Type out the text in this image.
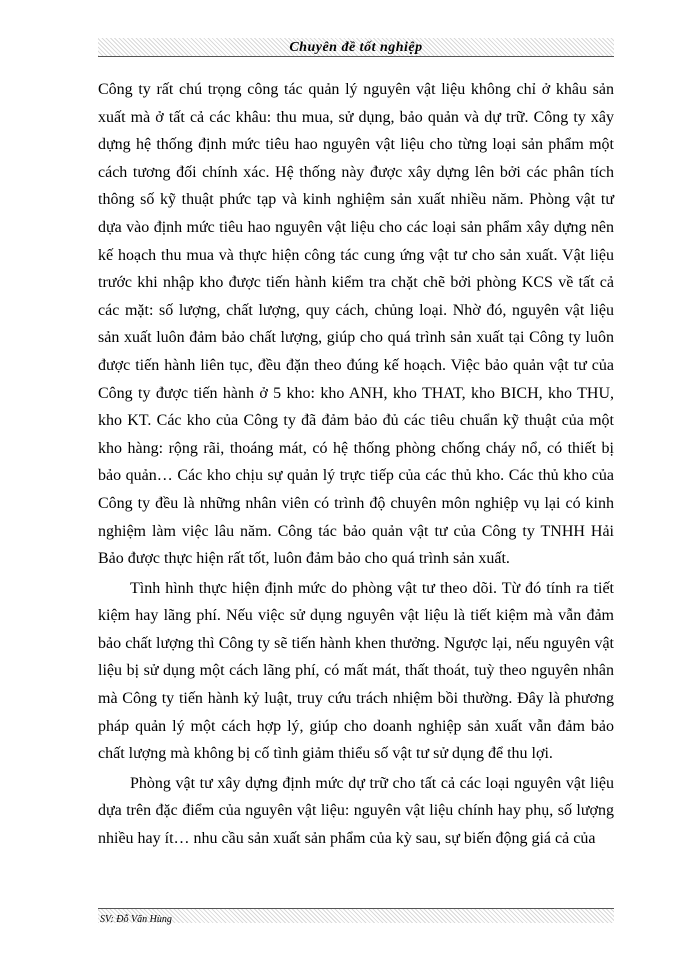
Chuyên đề tốt nghiệp

Công ty rất chú trọng công tác quản lý nguyên vật liệu không chỉ ở khâu sản xuất mà ở tất cả các khâu: thu mua, sử dụng, bảo quản và dự trữ. Công ty xây dựng hệ thống định mức tiêu hao nguyên vật liệu cho từng loại sản phẩm một cách tương đối chính xác. Hệ thống này được xây dựng lên bởi các phân tích thông số kỹ thuật phức tạp và kinh nghiệm sản xuất nhiều năm. Phòng vật tư dựa vào định mức tiêu hao nguyên vật liệu cho các loại sản phẩm xây dựng nên kế hoạch thu mua và thực hiện công tác cung ứng vật tư cho sản xuất. Vật liệu trước khi nhập kho được tiến hành kiểm tra chặt chẽ bởi phòng KCS về tất cả các mặt: số lượng, chất lượng, quy cách, chủng loại. Nhờ đó, nguyên vật liệu sản xuất luôn đảm bảo chất lượng, giúp cho quá trình sản xuất tại Công ty luôn được tiến hành liên tục, đều đặn theo đúng kế hoạch. Việc bảo quản vật tư của Công ty được tiến hành ở 5 kho: kho ANH, kho THAT, kho BICH, kho THU, kho KT. Các kho của Công ty đã đảm bảo đủ các tiêu chuẩn kỹ thuật của một kho hàng: rộng rãi, thoáng mát, có hệ thống phòng chống cháy nổ, có thiết bị bảo quản… Các kho chịu sự quản lý trực tiếp của các thủ kho. Các thủ kho của Công ty đều là những nhân viên có trình độ chuyên môn nghiệp vụ lại có kinh nghiệm làm việc lâu năm. Công tác bảo quản vật tư của Công ty TNHH Hải Bảo được thực hiện rất tốt, luôn đảm bảo cho quá trình sản xuất.

Tình hình thực hiện định mức do phòng vật tư theo dõi. Từ đó tính ra tiết kiệm hay lãng phí. Nếu việc sử dụng nguyên vật liệu là tiết kiệm mà vẫn đảm bảo chất lượng thì Công ty sẽ tiến hành khen thưởng. Ngược lại, nếu nguyên vật liệu bị sử dụng một cách lãng phí, có mất mát, thất thoát, tuỳ theo nguyên nhân mà Công ty tiến hành kỷ luật, truy cứu trách nhiệm bồi thường. Đây là phương pháp quản lý một cách hợp lý, giúp cho doanh nghiệp sản xuất vẫn đảm bảo chất lượng mà không bị cố tình giảm thiểu số vật tư sử dụng để thu lợi.

Phòng vật tư xây dựng định mức dự trữ cho tất cả các loại nguyên vật liệu dựa trên đặc điểm của nguyên vật liệu: nguyên vật liệu chính hay phụ, số lượng nhiều hay ít… nhu cầu sản xuất sản phẩm của kỳ sau, sự biến động giá cả của

SV: Đỗ Văn Hùng
